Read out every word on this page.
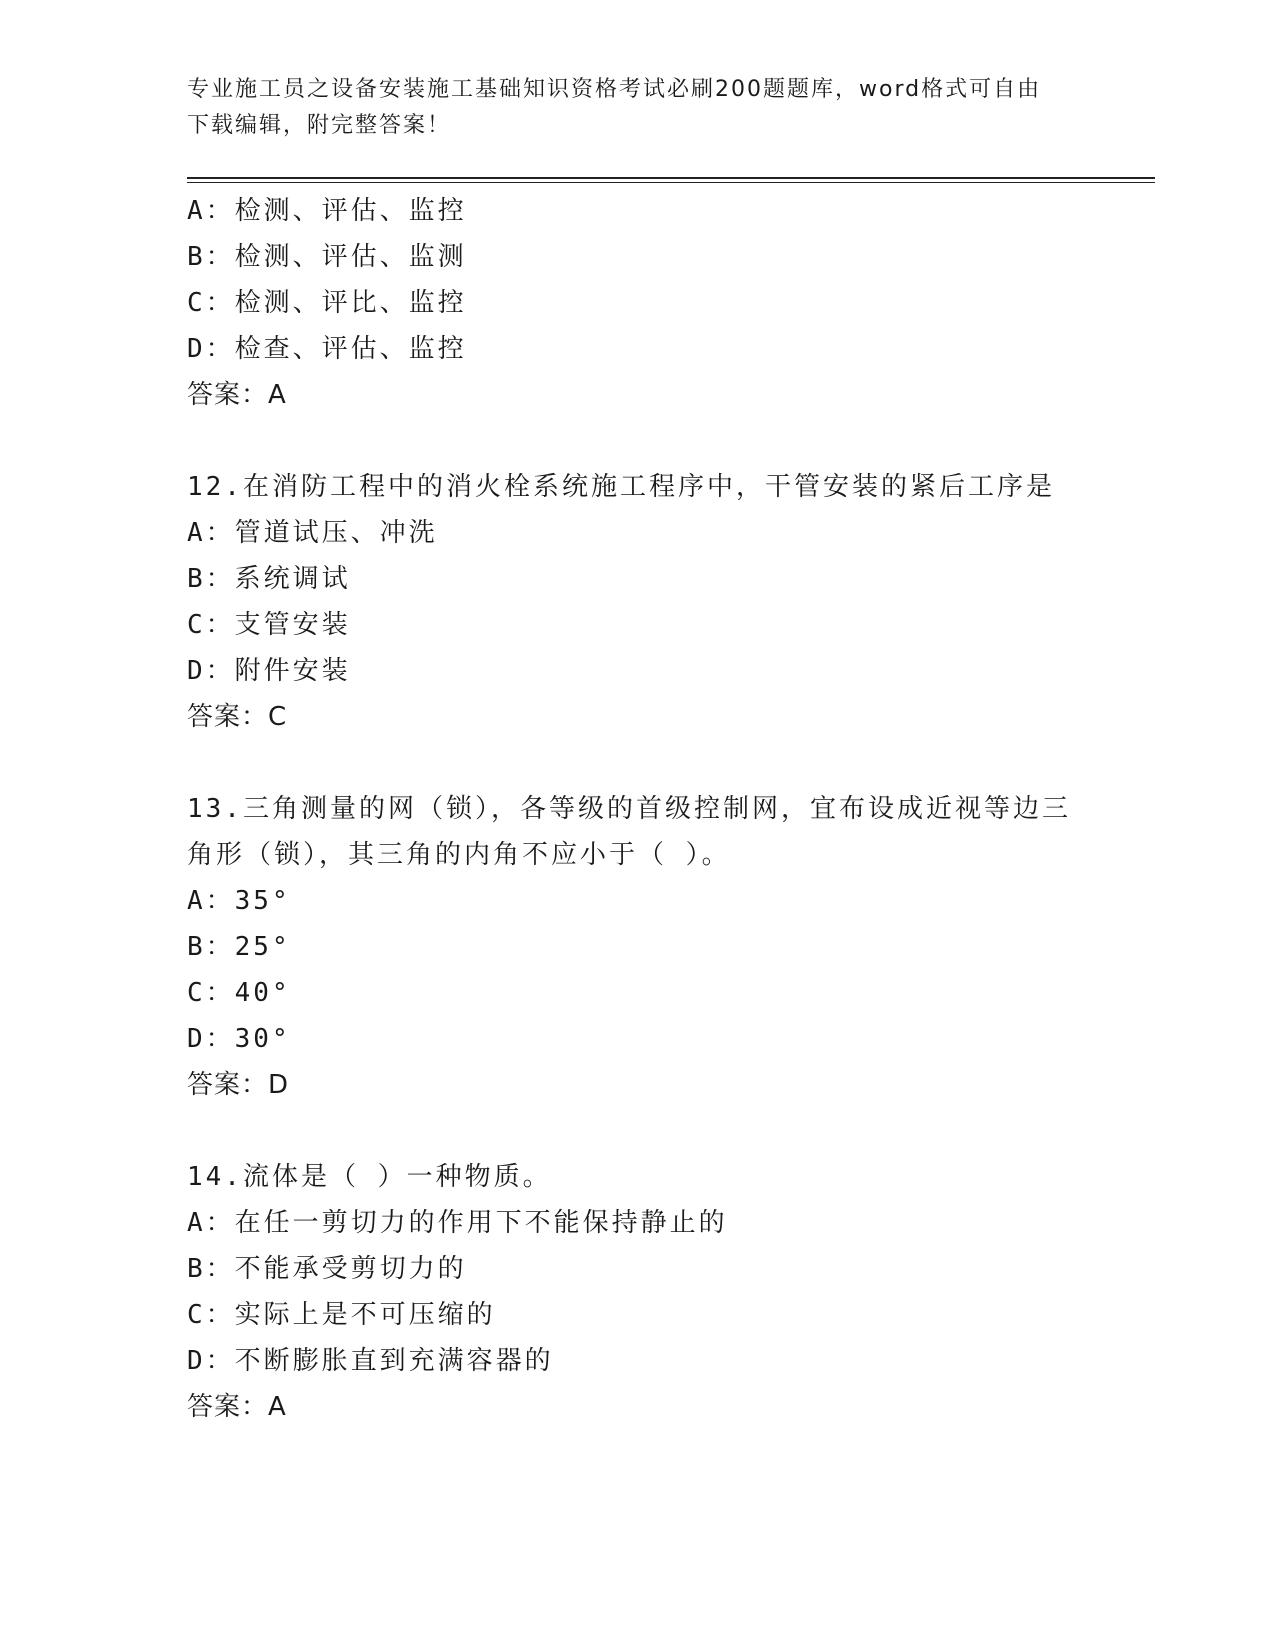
专业施工员之设备安装施工基础知识资格考试必刷200题题库，word格式可自由
下载编辑，附完整答案！
A：检测、评估、监控
B：检测、评估、监测
C：检测、评比、监控
D：检查、评估、监控
答案：A
12.在消防工程中的消火栓系统施工程序中，干管安装的紧后工序是
A：管道试压、冲洗
B：系统调试
C：支管安装
D：附件安装
答案：C
13.三角测量的网（锁），各等级的首级控制网，宜布设成近视等边三
角形（锁），其三角的内角不应小于（ ）。
A：35°
B：25°
C：40°
D：30°
答案：D
14.流体是（ ）一种物质。
A：在任一剪切力的作用下不能保持静止的
B：不能承受剪切力的
C：实际上是不可压缩的
D：不断膨胀直到充满容器的
答案：A
